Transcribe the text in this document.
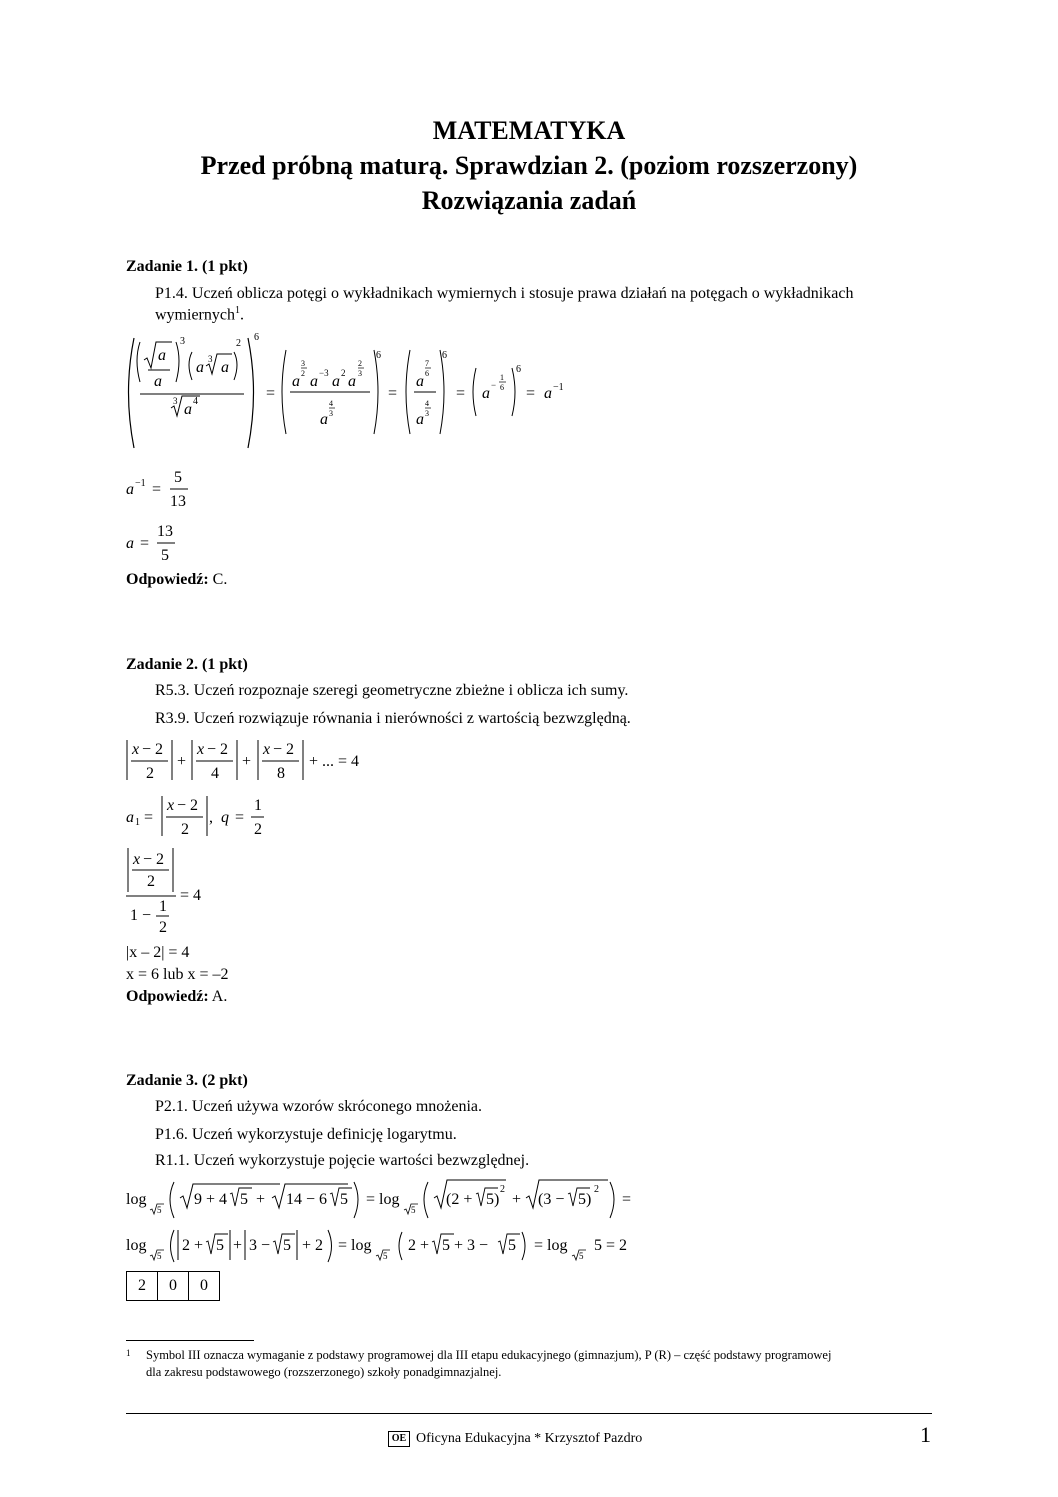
MATEMATYKA
Przed próbną maturą. Sprawdzian 2. (poziom rozszerzony)
Rozwiązania zadań
Zadanie 1. (1 pkt)
P1.4. Uczeń oblicza potęgi o wykładnikach wymiernych i stosuje prawa działań na potęgach o wykładnikach
wymiernych$^1$.
a
a
3
a 3 a
2
3 a 4
6
=
a
3
2 a −3 a 2 a
2
3
a
4
3
6
=
a
7
6
a
4
3
6
= a −
1
6
6
= a −1
a −1 =
5
13
a =
13
5
Odpowiedź: C.
Zadanie 2. (1 pkt)
R5.3. Uczeń rozpoznaje szeregi geometryczne zbieżne i oblicza ich sumy.
R3.9. Uczeń rozwiązuje równania i nierówności z wartością bezwzględną.
x − 2
2
+
x − 2
4
+
x − 2
8
+ ... = 4
a 1 =
x − 2
2
, q =
1
2
x − 2
2
1 −
1
2
= 4
|x – 2| = 4
x = 6 lub x = –2
Odpowiedź: A.
Zadanie 3. (2 pkt)
P2.1. Uczeń używa wzorów skróconego mnożenia.
P1.6. Uczeń wykorzystuje definicję logarytmu.
R1.1. Uczeń wykorzystuje pojęcie wartości bezwzględnej.
log
5
9 + 4 5 + 14 − 6 5 = log
5
(2 + 5)
2
+ (3 − 5)
2
=
log
5
2 + 5 + 3 − 5 + 2 = log
5
2 + 5 + 3 − 5 = log
5
5 = 2
2	0	0
$^1$ Symbol III oznacza wymaganie z podstawy programowej dla III etapu edukacyjnego (gimnazjum), P (R) – część podstawy programowej
dla zakresu podstawowego (rozszerzonego) szkoły ponadgimnazjalnej.
OE Oficyna Edukacyjna * Krzysztof Pazdro	1
